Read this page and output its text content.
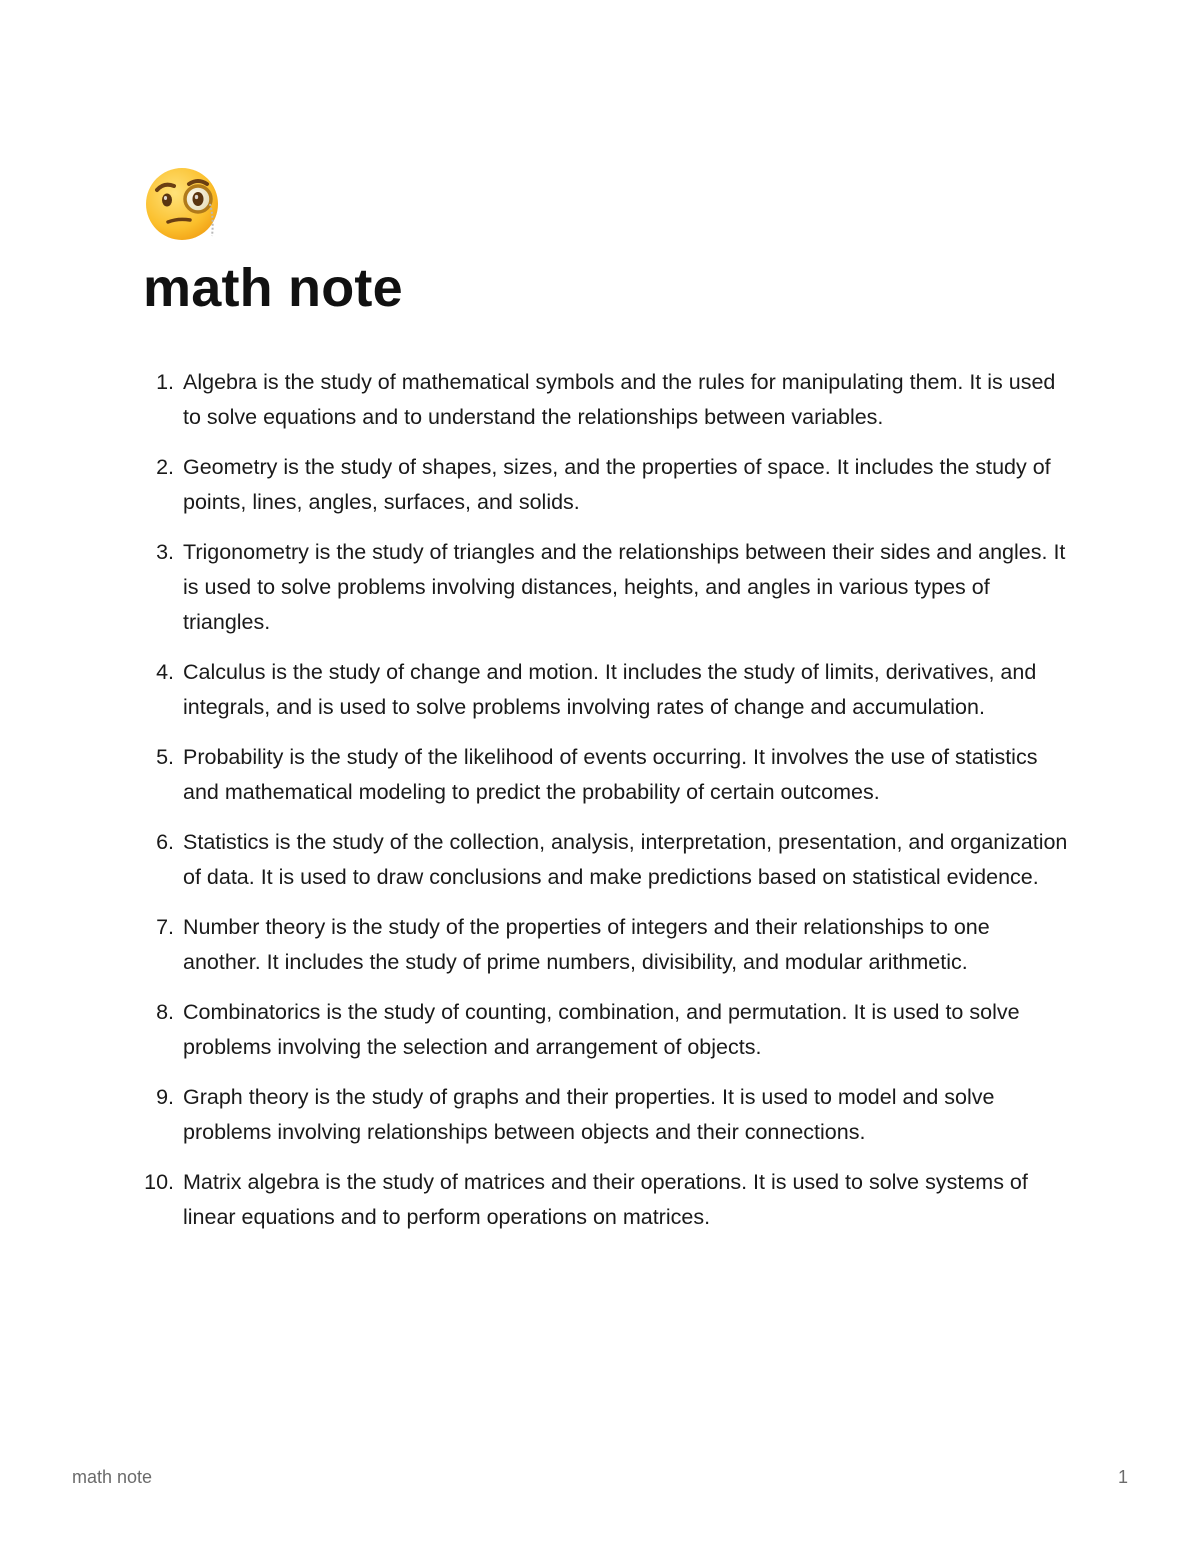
math note
1. Algebra is the study of mathematical symbols and the rules for manipulating them. It is used to solve equations and to understand the relationships between variables.
2. Geometry is the study of shapes, sizes, and the properties of space. It includes the study of points, lines, angles, surfaces, and solids.
3. Trigonometry is the study of triangles and the relationships between their sides and angles. It is used to solve problems involving distances, heights, and angles in various types of triangles.
4. Calculus is the study of change and motion. It includes the study of limits, derivatives, and integrals, and is used to solve problems involving rates of change and accumulation.
5. Probability is the study of the likelihood of events occurring. It involves the use of statistics and mathematical modeling to predict the probability of certain outcomes.
6. Statistics is the study of the collection, analysis, interpretation, presentation, and organization of data. It is used to draw conclusions and make predictions based on statistical evidence.
7. Number theory is the study of the properties of integers and their relationships to one another. It includes the study of prime numbers, divisibility, and modular arithmetic.
8. Combinatorics is the study of counting, combination, and permutation. It is used to solve problems involving the selection and arrangement of objects.
9. Graph theory is the study of graphs and their properties. It is used to model and solve problems involving relationships between objects and their connections.
10. Matrix algebra is the study of matrices and their operations. It is used to solve systems of linear equations and to perform operations on matrices.
math note	1
